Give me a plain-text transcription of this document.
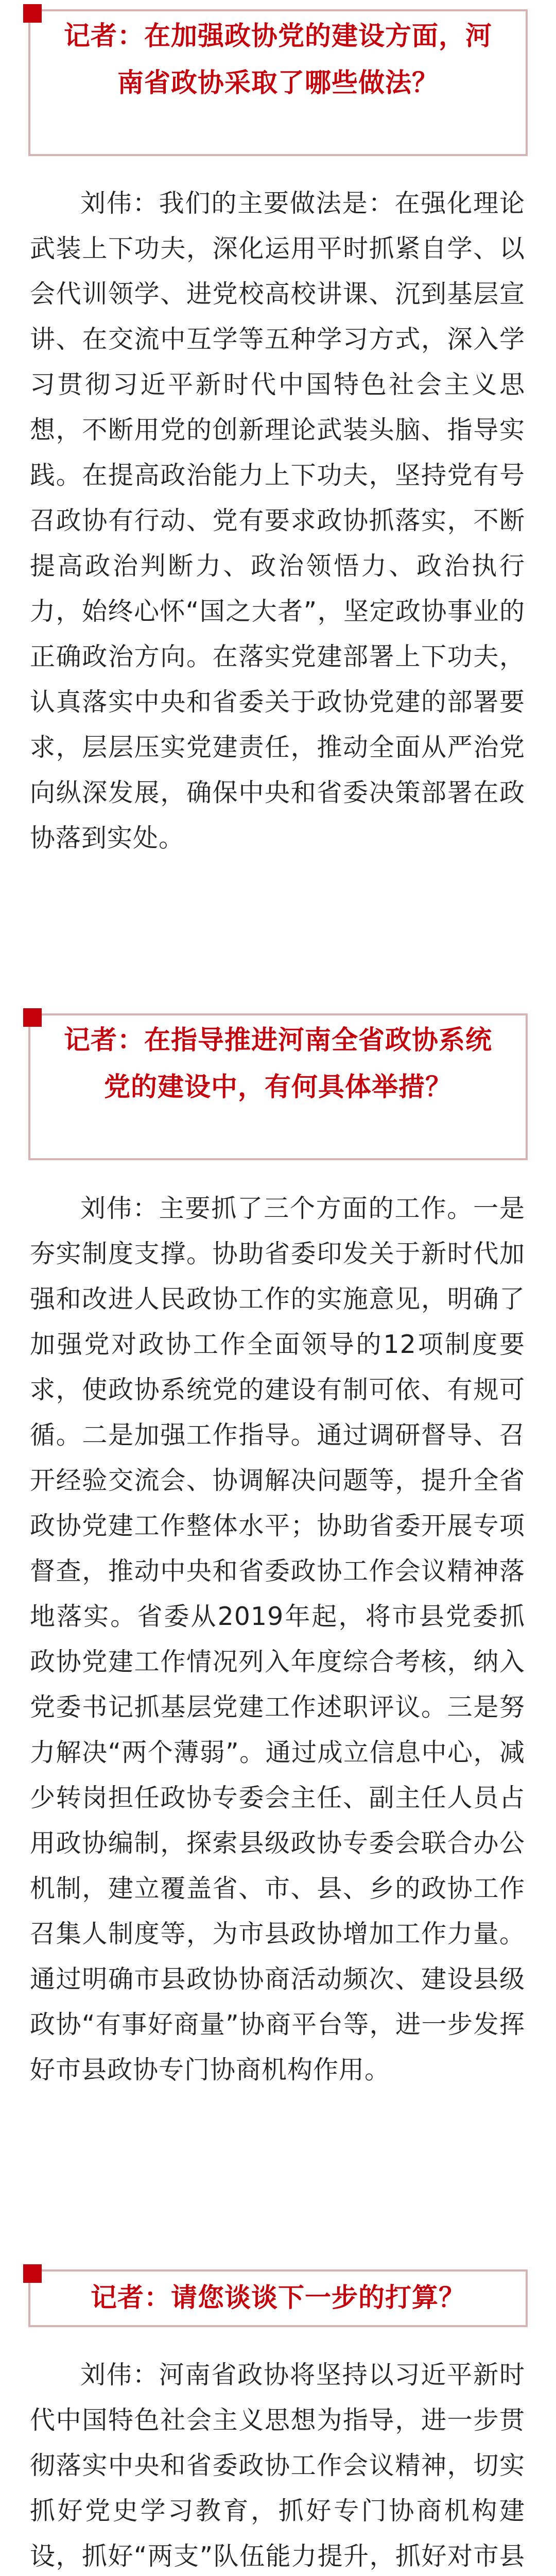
记者：在加强政协党的建设方面，河南省政协采取了哪些做法？

刘伟：我们的主要做法是：在强化理论武装上下功夫，深化运用平时抓紧自学、以会代训领学、进党校高校讲课、沉到基层宣讲、在交流中互学等五种学习方式，深入学习贯彻习近平新时代中国特色社会主义思想，不断用党的创新理论武装头脑、指导实践。在提高政治能力上下功夫，坚持党有号召政协有行动、党有要求政协抓落实，不断提高政治判断力、政治领悟力、政治执行力，始终心怀“国之大者”，坚定政协事业的正确政治方向。在落实党建部署上下功夫，认真落实中央和省委关于政协党建的部署要求，层层压实党建责任，推动全面从严治党向纵深发展，确保中央和省委决策部署在政协落到实处。

记者：在指导推进河南全省政协系统党的建设中，有何具体举措？

刘伟：主要抓了三个方面的工作。一是夯实制度支撑。协助省委印发关于新时代加强和改进人民政协工作的实施意见，明确了加强党对政协工作全面领导的12项制度要求，使政协系统党的建设有制可依、有规可循。二是加强工作指导。通过调研督导、召开经验交流会、协调解决问题等，提升全省政协党建工作整体水平；协助省委开展专项督查，推动中央和省委政协工作会议精神落地落实。省委从2019年起，将市县党委抓政协党建工作情况列入年度综合考核，纳入党委书记抓基层党建工作述职评议。三是努力解决“两个薄弱”。通过成立信息中心，减少转岗担任政协专委会主任、副主任人员占用政协编制，探索县级政协专委会联合办公机制，建立覆盖省、市、县、乡的政协工作召集人制度等，为市县政协增加工作力量。通过明确市县政协协商活动频次、建设县级政协“有事好商量”协商平台等，进一步发挥好市县政协专门协商机构作用。

记者：请您谈谈下一步的打算？

刘伟：河南省政协将坚持以习近平新时代中国特色社会主义思想为指导，进一步贯彻落实中央和省委政协工作会议精神，切实抓好党史学习教育，抓好专门协商机构建设，抓好“两支”队伍能力提升，抓好对市县
